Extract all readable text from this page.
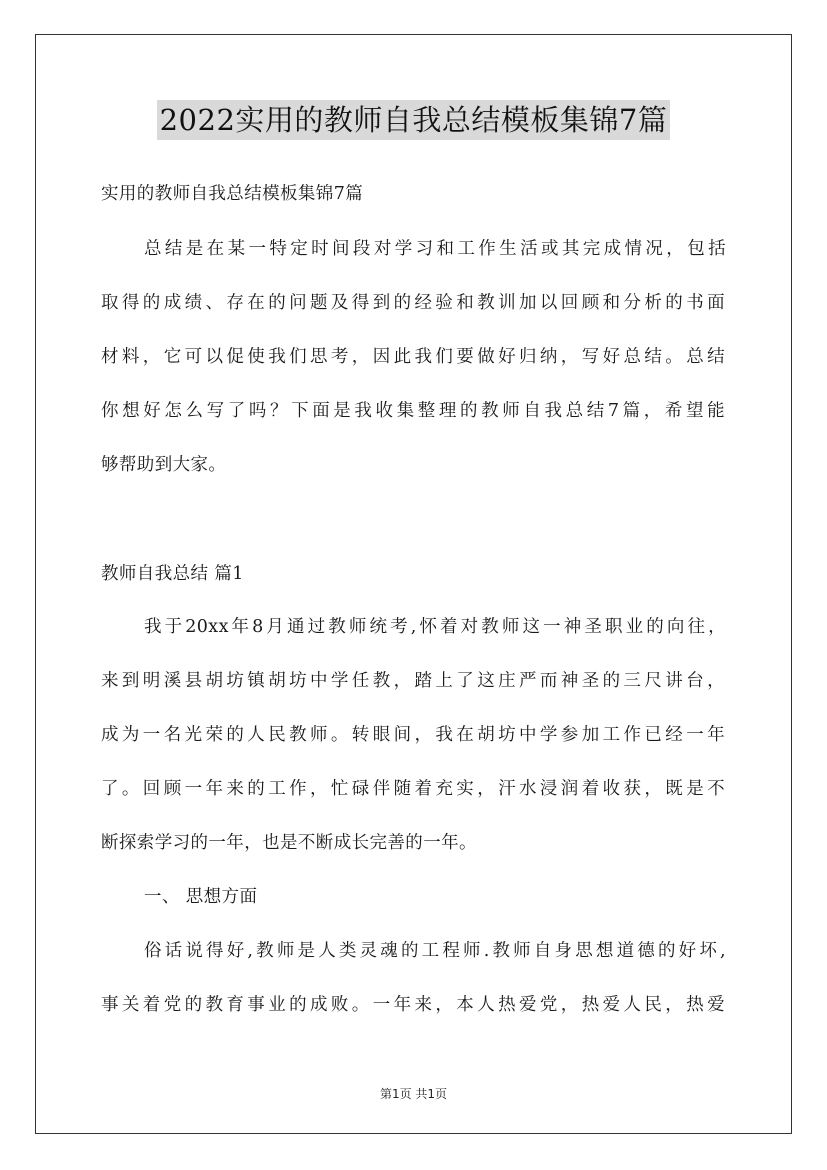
2022实用的教师自我总结模板集锦7篇
实用的教师自我总结模板集锦7篇
总结是在某一特定时间段对学习和工作生活或其完成情况，包括
取得的成绩、存在的问题及得到的经验和教训加以回顾和分析的书面
材料，它可以促使我们思考，因此我们要做好归纳，写好总结。总结
你想好怎么写了吗？下面是我收集整理的教师自我总结7篇，希望能
够帮助到大家。
教师自我总结 篇1
我于20xx年8月通过教师统考,怀着对教师这一神圣职业的向往，
来到明溪县胡坊镇胡坊中学任教，踏上了这庄严而神圣的三尺讲台，
成为一名光荣的人民教师。转眼间，我在胡坊中学参加工作已经一年
了。回顾一年来的工作，忙碌伴随着充实，汗水浸润着收获，既是不
断探索学习的一年，也是不断成长完善的一年。
一、 思想方面
俗话说得好,教师是人类灵魂的工程师.教师自身思想道德的好坏,
事关着党的教育事业的成败。一年来，本人热爱党，热爱人民，热爱
第1页 共1页
